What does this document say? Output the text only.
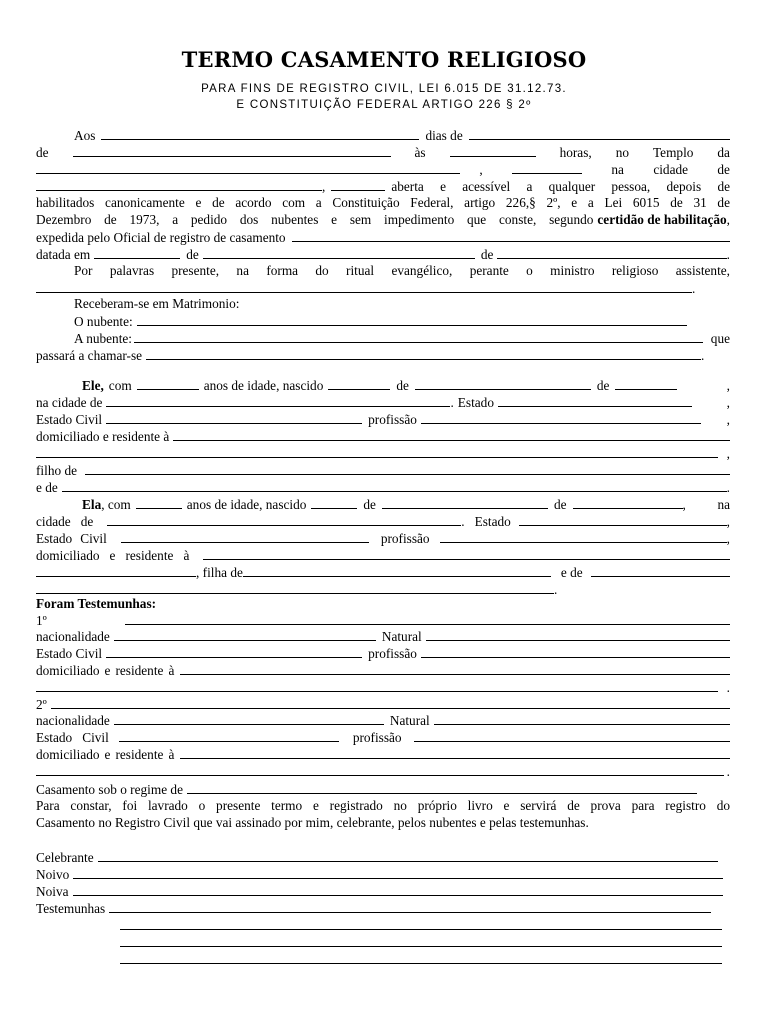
TERMO CASAMENTO RELIGIOSO
PARA FINS DE REGISTRO CIVIL, LEI 6.015 DE 31.12.73.
E CONSTITUIÇÃO FEDERAL ARTIGO 226 § 2º
Aos	dias de
de	às	horas, no Templo da
,	na cidade de
,	aberta e acessível a qualquer pessoa, depois de
habilitados canonicamente e de acordo com a Constituição Federal, artigo 226,§ 2º, e a Lei 6015 de 31 de
Dezembro de 1973, a pedido dos nubentes e sem impedimento que conste, segundo certidão de habilitação ,
expedida pelo Oficial de registro de casamento
datada em	de	de	.
Por palavras presente, na forma do ritual evangélico, perante o ministro religioso assistente,
.
Receberam-se em Matrimonio:
O nubente:
A nubente:	que
passará a chamar-se	.
Ele, com	anos de idade, nascido	de	de	,
na cidade de	. Estado	,
Estado Civil	profissão	,
domiciliado e residente à
,
filho de
e de	.
Ela , com	anos de idade, nascido	de	de	,	na
cidade de	. Estado	,
Estado Civil	profissão	,
domiciliado e residente à
, filha de	e de
.
Foram Testemunhas:
1º
nacionalidade	Natural
Estado Civil	profissão
domiciliado e residente à
.
2º
nacionalidade	Natural
Estado Civil	profissão
domiciliado e residente à
.
Casamento sob o regime de
Para constar, foi lavrado o presente termo e registrado no próprio livro e servirá de prova para registro do
Casamento no Registro Civil que vai assinado por mim, celebrante, pelos nubentes e pelas testemunhas.
Celebrante
Noivo
Noiva
Testemunhas
